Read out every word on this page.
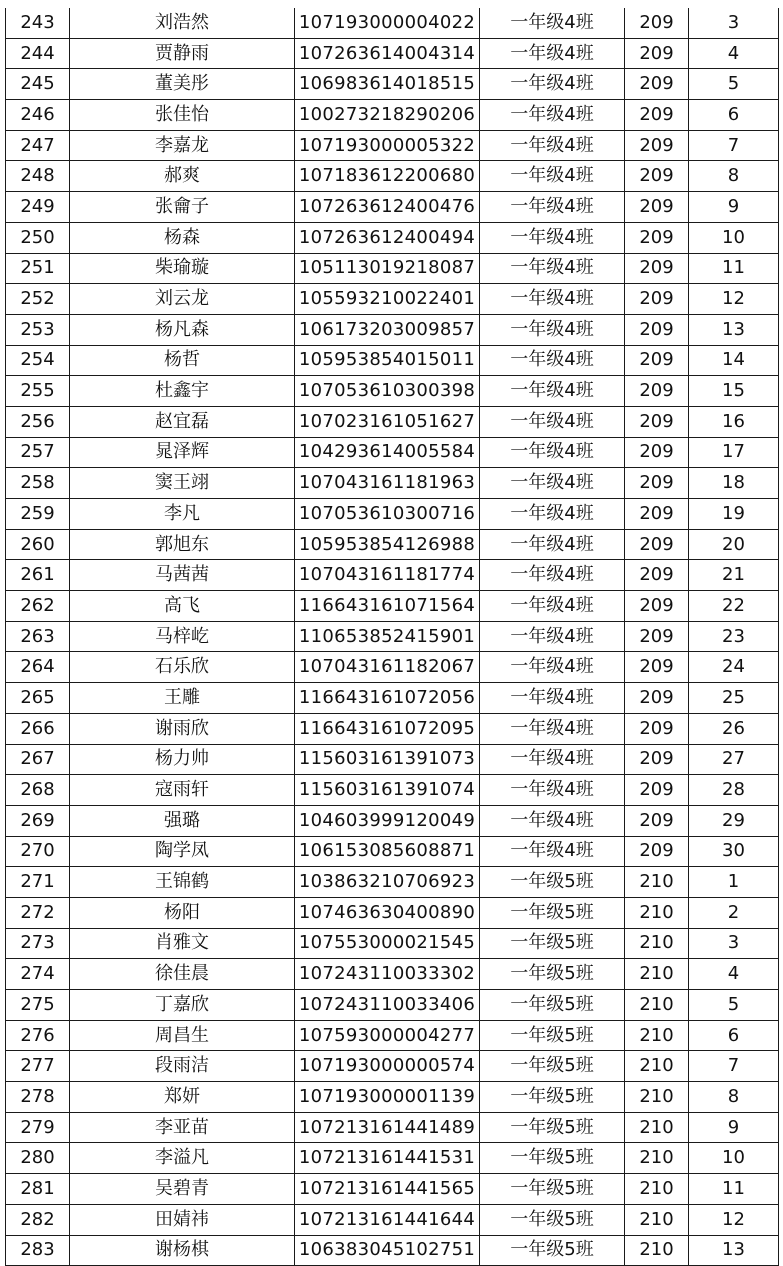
243	刘浩然	107193000004022	一年级4班	209	3
244	贾静雨	107263614004314	一年级4班	209	4
245	董美彤	106983614018515	一年级4班	209	5
246	张佳怡	100273218290206	一年级4班	209	6
247	李嘉龙	107193000005322	一年级4班	209	7
248	郝爽	107183612200680	一年级4班	209	8
249	张龠子	107263612400476	一年级4班	209	9
250	杨森	107263612400494	一年级4班	209	10
251	柴瑜璇	105113019218087	一年级4班	209	11
252	刘云龙	105593210022401	一年级4班	209	12
253	杨凡森	106173203009857	一年级4班	209	13
254	杨哲	105953854015011	一年级4班	209	14
255	杜鑫宇	107053610300398	一年级4班	209	15
256	赵宜磊	107023161051627	一年级4班	209	16
257	晁泽辉	104293614005584	一年级4班	209	17
258	窦王翊	107043161181963	一年级4班	209	18
259	李凡	107053610300716	一年级4班	209	19
260	郭旭东	105953854126988	一年级4班	209	20
261	马茜茜	107043161181774	一年级4班	209	21
262	高飞	116643161071564	一年级4班	209	22
263	马梓屹	110653852415901	一年级4班	209	23
264	石乐欣	107043161182067	一年级4班	209	24
265	王雕	116643161072056	一年级4班	209	25
266	谢雨欣	116643161072095	一年级4班	209	26
267	杨力帅	115603161391073	一年级4班	209	27
268	寇雨轩	115603161391074	一年级4班	209	28
269	强璐	104603999120049	一年级4班	209	29
270	陶学凤	106153085608871	一年级4班	209	30
271	王锦鹤	103863210706923	一年级5班	210	1
272	杨阳	107463630400890	一年级5班	210	2
273	肖雅文	107553000021545	一年级5班	210	3
274	徐佳晨	107243110033302	一年级5班	210	4
275	丁嘉欣	107243110033406	一年级5班	210	5
276	周昌生	107593000004277	一年级5班	210	6
277	段雨洁	107193000000574	一年级5班	210	7
278	郑妍	107193000001139	一年级5班	210	8
279	李亚苗	107213161441489	一年级5班	210	9
280	李溢凡	107213161441531	一年级5班	210	10
281	吴碧青	107213161441565	一年级5班	210	11
282	田婧祎	107213161441644	一年级5班	210	12
283	谢杨棋	106383045102751	一年级5班	210	13
